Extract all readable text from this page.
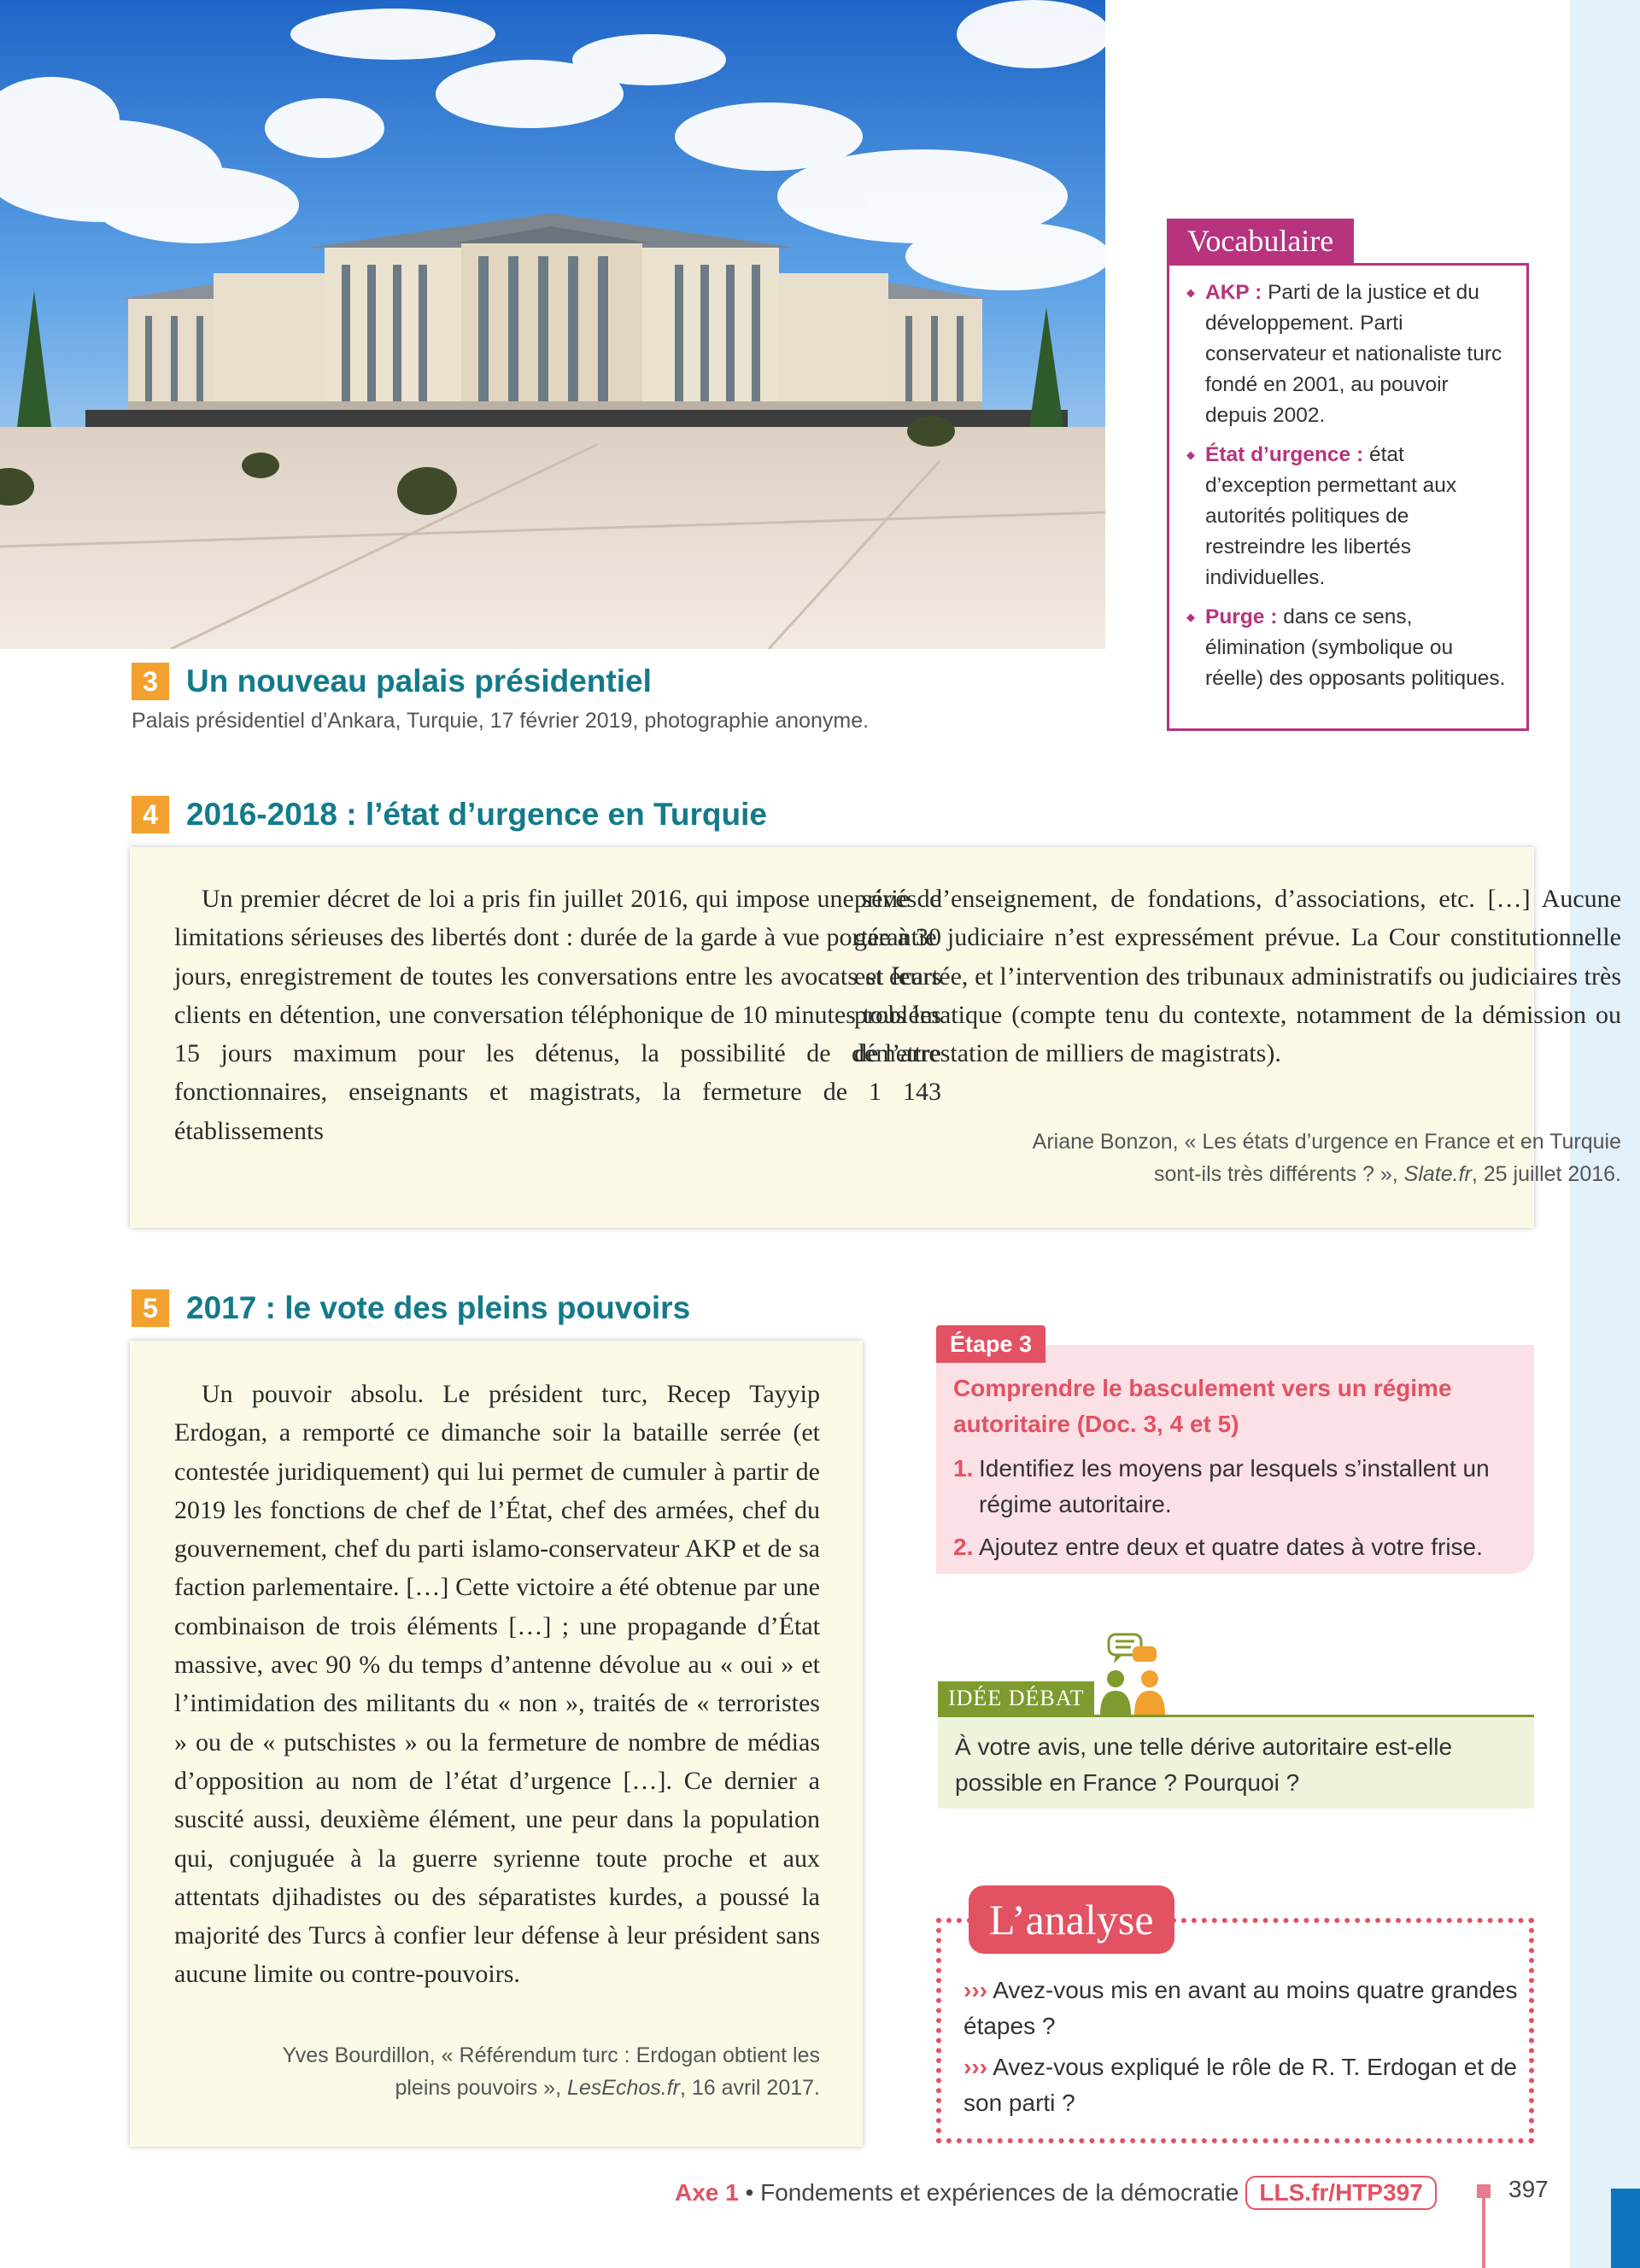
3 Un nouveau palais présidentiel
Palais présidentiel d’Ankara, Turquie, 17 février 2019, photographie anonyme.
Vocabulaire
◆ AKP : Parti de la justice et du développement. Parti conservateur et nationaliste turc fondé en 2001, au pouvoir depuis 2002.
◆ État d’urgence : état d’exception permettant aux autorités politiques de restreindre les libertés individuelles.
◆ Purge : dans ce sens, élimination (symbolique ou réelle) des opposants politiques.
4 2016-2018 : l’état d’urgence en Turquie
Un premier décret de loi a pris fin juillet 2016, qui impose une série de limitations sérieuses des libertés dont : durée de la garde à vue portée à 30 jours, enregistrement de toutes les conversations entre les avocats et leurs clients en détention, une conversation téléphonique de 10 minutes tous les 15 jours maximum pour les détenus, la possibilité de démettre fonctionnaires, enseignants et magistrats, la fermeture de 1 143 établissements
privés d’enseignement, de fondations, d’associations, etc. […] Aucune garantie judiciaire n’est expressément prévue. La Cour constitutionnelle est écartée, et l’intervention des tribunaux administratifs ou judiciaires très problématique (compte tenu du contexte, notamment de la démission ou de l’arrestation de milliers de magistrats).
Ariane Bonzon, « Les états d’urgence en France et en Turquie
sont-ils très différents ? », Slate.fr, 25 juillet 2016.
5 2017 : le vote des pleins pouvoirs
Un pouvoir absolu. Le président turc, Recep Tayyip Erdogan, a remporté ce dimanche soir la bataille serrée (et contestée juridiquement) qui lui permet de cumuler à partir de 2019 les fonctions de chef de l’État, chef des armées, chef du gouvernement, chef du parti islamo-conservateur AKP et de sa faction parlementaire. […] Cette victoire a été obtenue par une combinaison de trois éléments […] ; une propagande d’État massive, avec 90 % du temps d’antenne dévolue au « oui » et l’intimidation des militants du « non », traités de « terroristes » ou de « putschistes » ou la fermeture de nombre de médias d’opposition au nom de l’état d’urgence […]. Ce dernier a suscité aussi, deuxième élément, une peur dans la population qui, conjuguée à la guerre syrienne toute proche et aux attentats djihadistes ou des séparatistes kurdes, a poussé la majorité des Turcs à confier leur défense à leur président sans aucune limite ou contre-pouvoirs.
Yves Bourdillon, « Référendum turc : Erdogan obtient les
pleins pouvoirs », LesEchos.fr, 16 avril 2017.
Comprendre le basculement vers un régime autoritaire (Doc. 3, 4 et 5)
1. Identifiez les moyens par lesquels s’installent un régime autoritaire.
2. Ajoutez entre deux et quatre dates à votre frise.
Étape 3
IDÉE DÉBAT
À votre avis, une telle dérive autoritaire est-elle possible en France ? Pourquoi ?
L’analyse
››› Avez-vous mis en avant au moins quatre grandes étapes ?
››› Avez-vous expliqué le rôle de R. T. Erdogan et de son parti ?
Axe 1 • Fondements et expériences de la démocratie LLS.fr/HTP397	397
